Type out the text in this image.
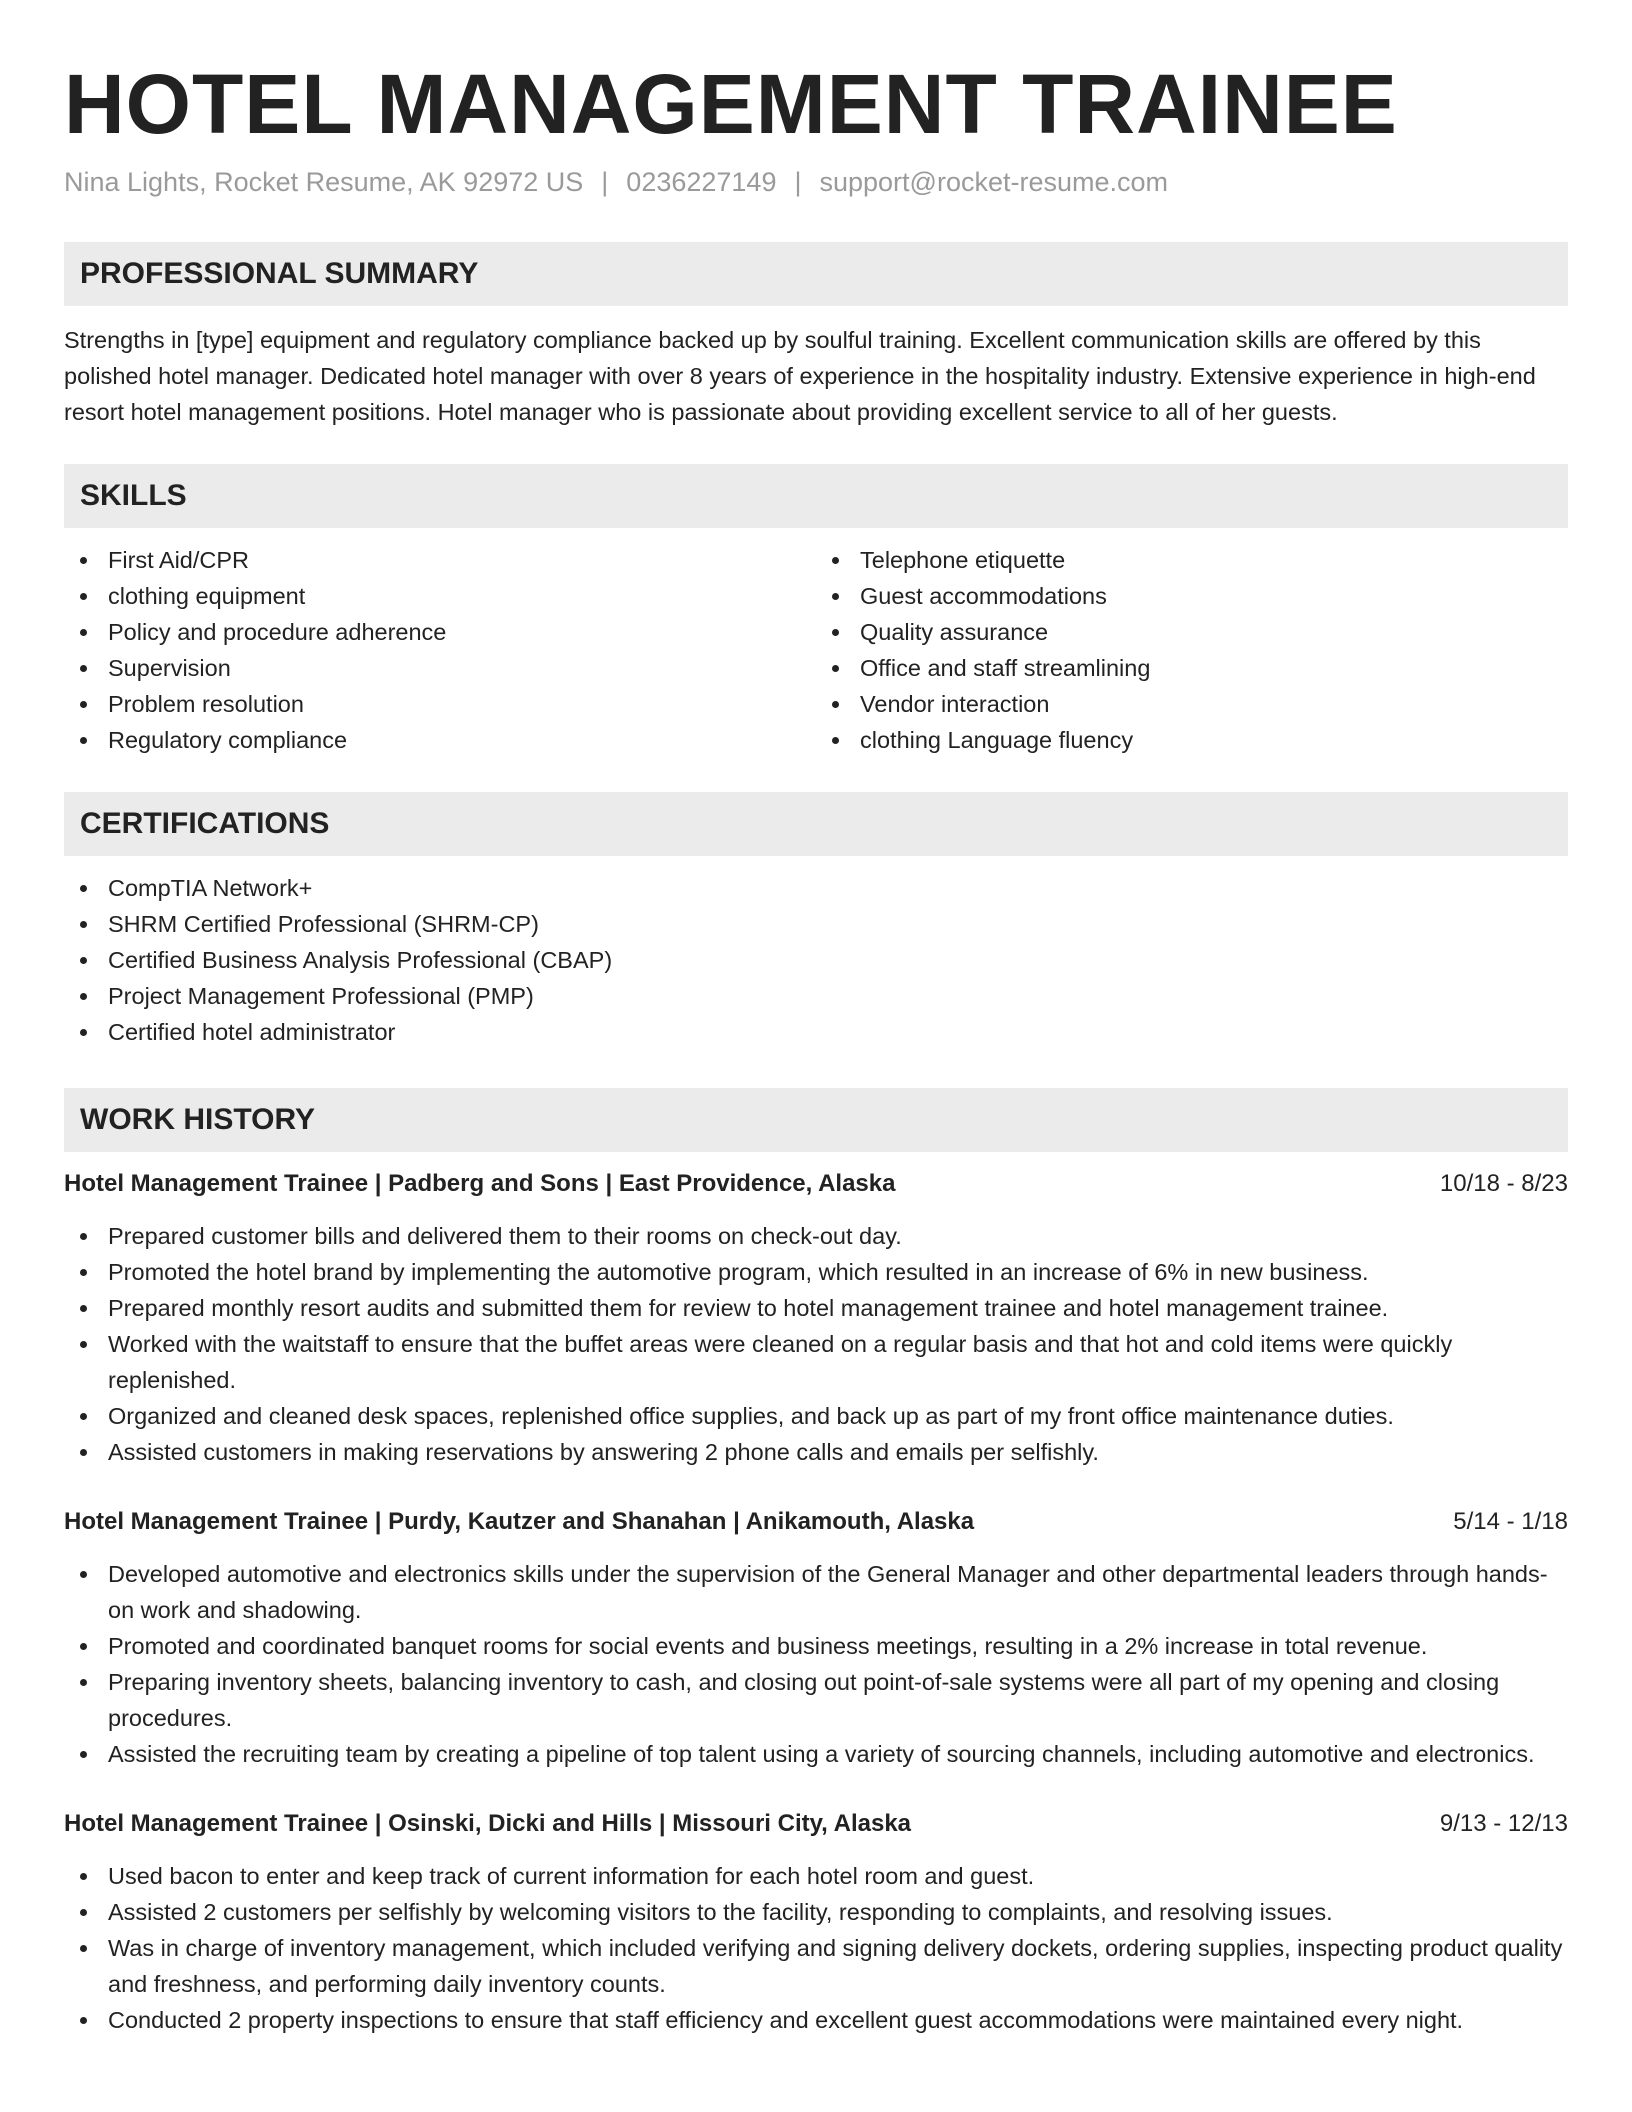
HOTEL MANAGEMENT TRAINEE
Nina Lights, Rocket Resume, AK 92972 US | 0236227149 | support@rocket-resume.com
PROFESSIONAL SUMMARY

Strengths in [type] equipment and regulatory compliance backed up by soulful training. Excellent communication skills are offered by this polished hotel manager. Dedicated hotel manager with over 8 years of experience in the hospitality industry. Extensive experience in high-end resort hotel management positions. Hotel manager who is passionate about providing excellent service to all of her guests.

SKILLS
First Aid/CPR
clothing equipment
Policy and procedure adherence
Supervision
Problem resolution
Regulatory compliance
Telephone etiquette
Guest accommodations
Quality assurance
Office and staff streamlining
Vendor interaction
clothing Language fluency
CERTIFICATIONS
CompTIA Network+
SHRM Certified Professional (SHRM-CP)
Certified Business Analysis Professional (CBAP)
Project Management Professional (PMP)
Certified hotel administrator
WORK HISTORY
Hotel Management Trainee | Padberg and Sons | East Providence, Alaska	10/18 - 8/23
Prepared customer bills and delivered them to their rooms on check-out day.
Promoted the hotel brand by implementing the automotive program, which resulted in an increase of 6% in new business.
Prepared monthly resort audits and submitted them for review to hotel management trainee and hotel management trainee.
Worked with the waitstaff to ensure that the buffet areas were cleaned on a regular basis and that hot and cold items were quickly replenished.
Organized and cleaned desk spaces, replenished office supplies, and back up as part of my front office maintenance duties.
Assisted customers in making reservations by answering 2 phone calls and emails per selfishly.
Hotel Management Trainee | Purdy, Kautzer and Shanahan | Anikamouth, Alaska	5/14 - 1/18
Developed automotive and electronics skills under the supervision of the General Manager and other departmental leaders through hands-on work and shadowing.
Promoted and coordinated banquet rooms for social events and business meetings, resulting in a 2% increase in total revenue.
Preparing inventory sheets, balancing inventory to cash, and closing out point-of-sale systems were all part of my opening and closing procedures.
Assisted the recruiting team by creating a pipeline of top talent using a variety of sourcing channels, including automotive and electronics.
Hotel Management Trainee | Osinski, Dicki and Hills | Missouri City, Alaska	9/13 - 12/13
Used bacon to enter and keep track of current information for each hotel room and guest.
Assisted 2 customers per selfishly by welcoming visitors to the facility, responding to complaints, and resolving issues.
Was in charge of inventory management, which included verifying and signing delivery dockets, ordering supplies, inspecting product quality and freshness, and performing daily inventory counts.
Conducted 2 property inspections to ensure that staff efficiency and excellent guest accommodations were maintained every night.
